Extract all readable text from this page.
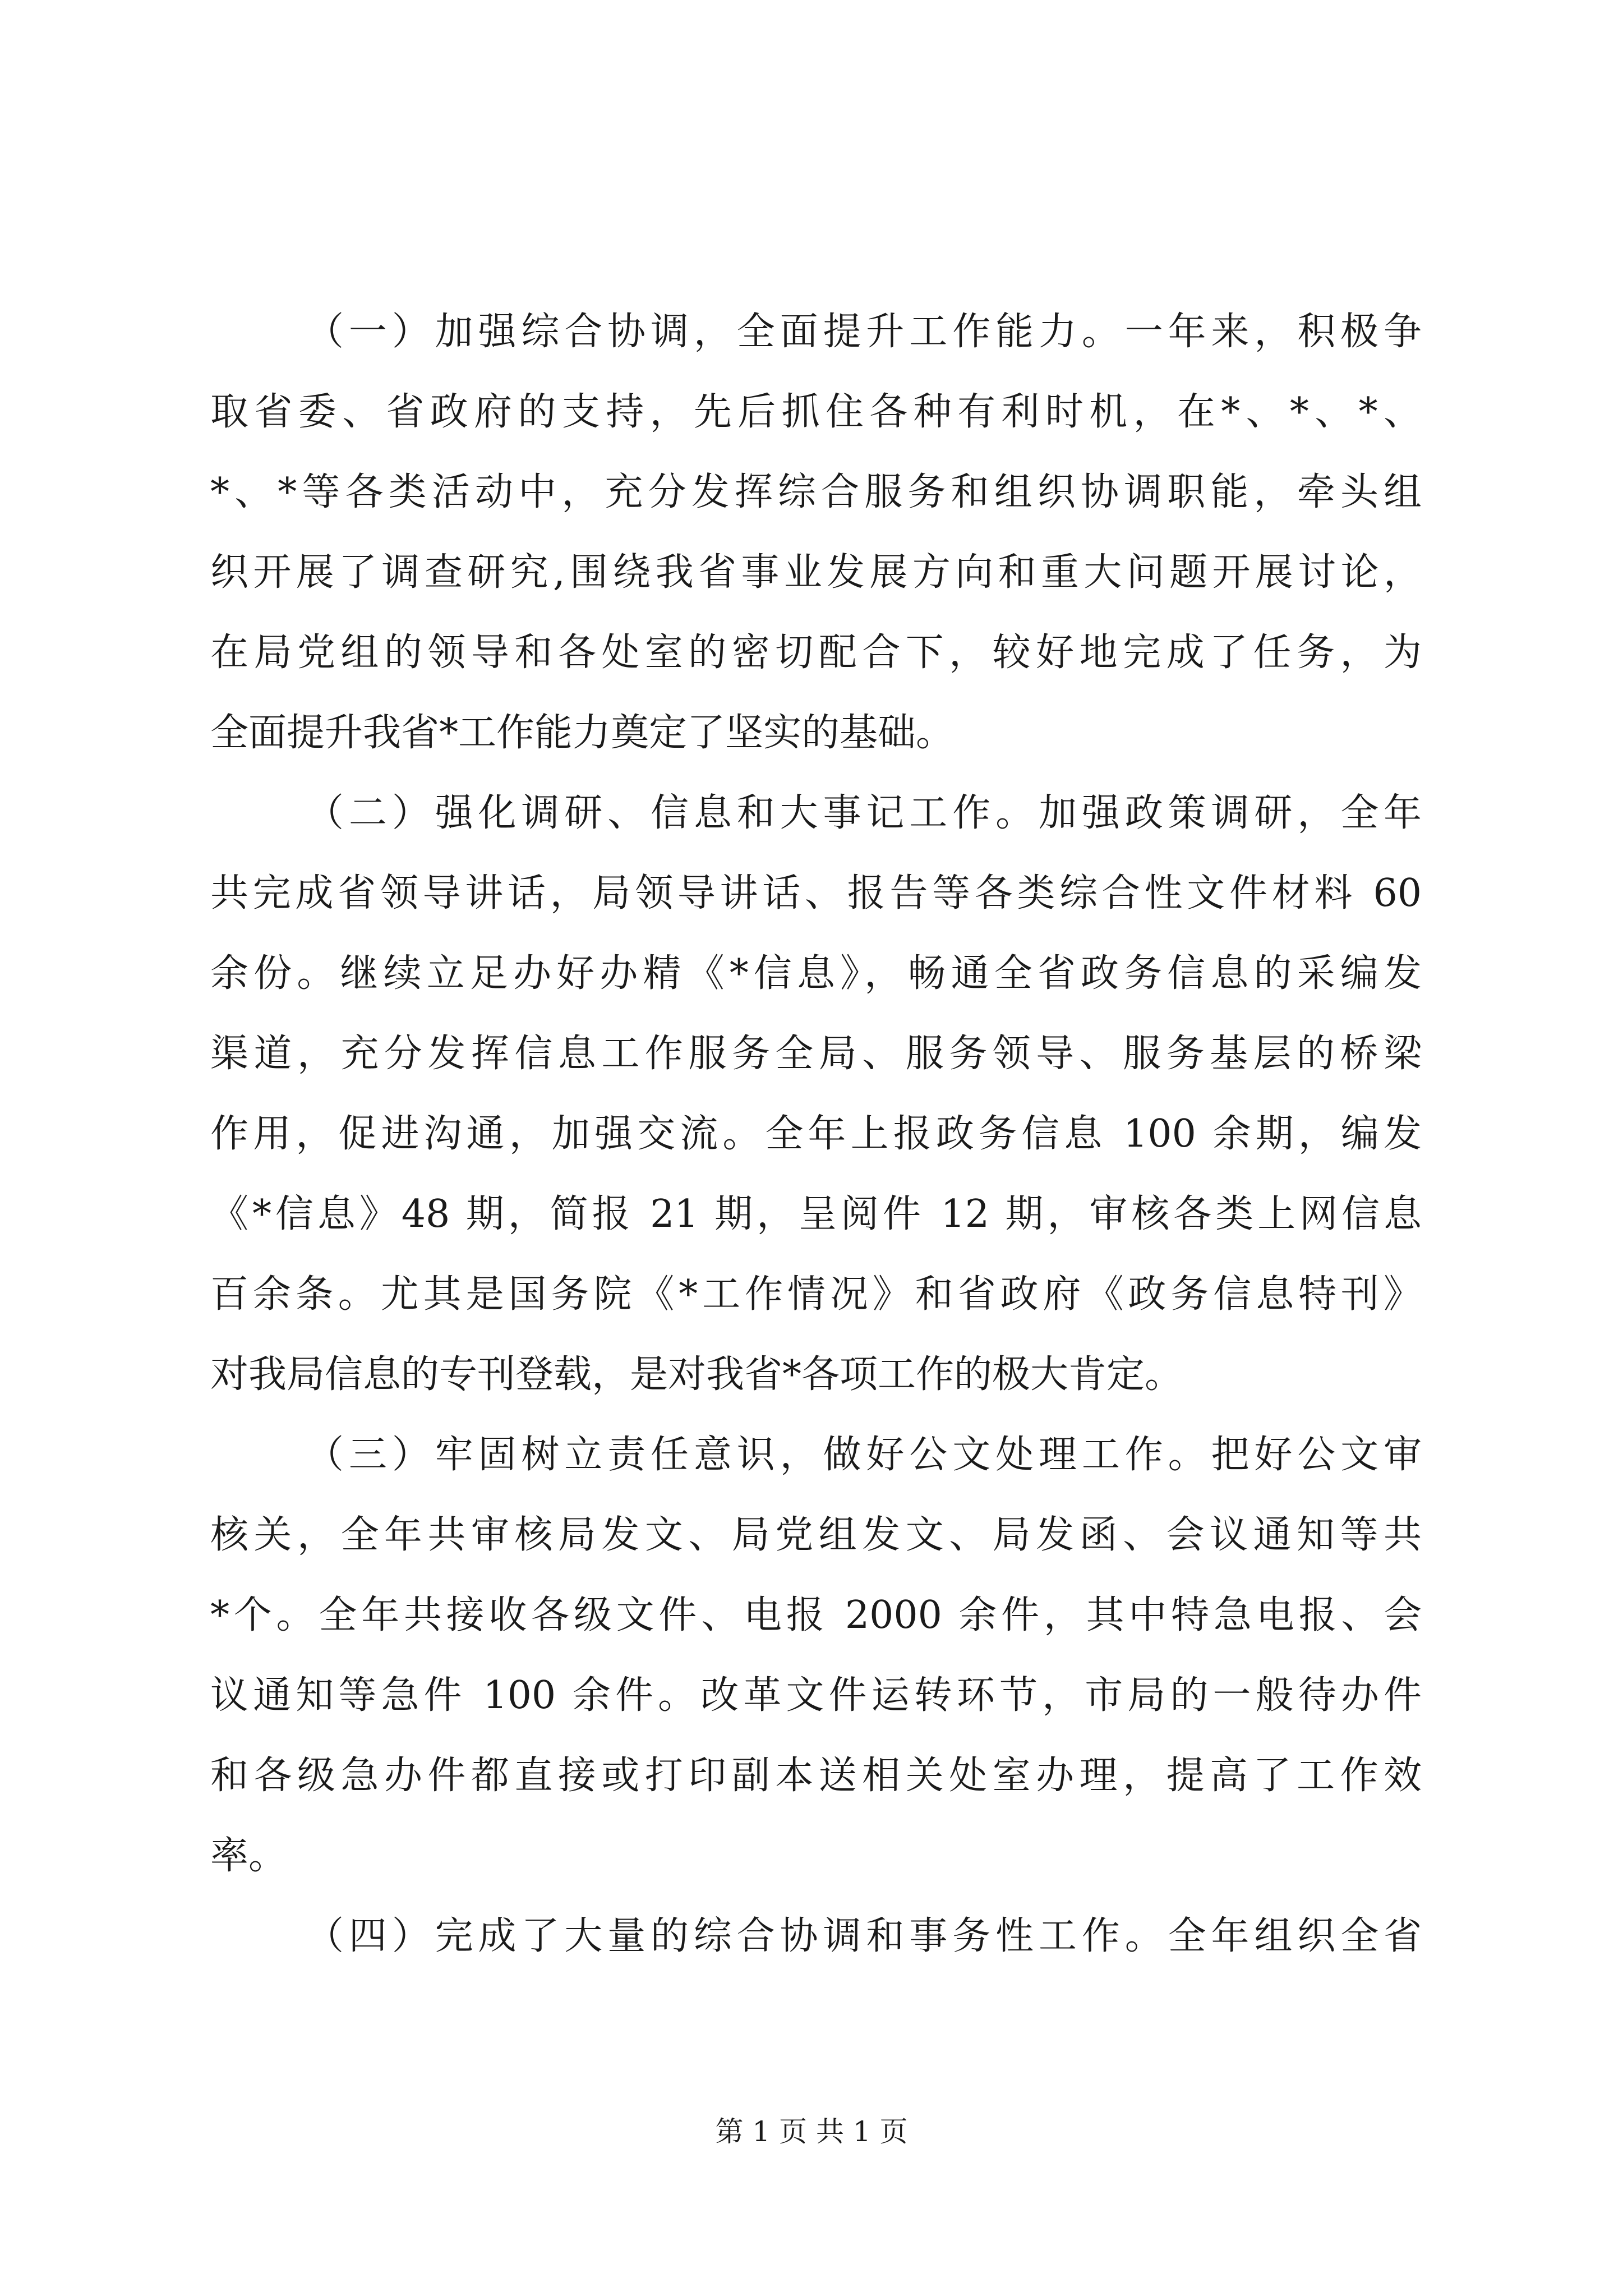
（一）加强综合协调，全面提升工作能力。一年来，积极争
取省委、省政府的支持，先后抓住各种有利时机，在*、*、*、
*、*等各类活动中，充分发挥综合服务和组织协调职能，牵头组
织开展了调查研究,围绕我省事业发展方向和重大问题开展讨论，
在局党组的领导和各处室的密切配合下，较好地完成了任务，为
全面提升我省*工作能力奠定了坚实的基础。
（二）强化调研、信息和大事记工作。加强政策调研，全年
共完成省领导讲话，局领导讲话、报告等各类综合性文件材料 60
余份。继续立足办好办精《*信息》，畅通全省政务信息的采编发
渠道，充分发挥信息工作服务全局、服务领导、服务基层的桥梁
作用，促进沟通，加强交流。全年上报政务信息 100 余期，编发
《*信息》48 期，简报 21 期，呈阅件 12 期，审核各类上网信息
百余条。尤其是国务院《*工作情况》和省政府《政务信息特刊》
对我局信息的专刊登载，是对我省*各项工作的极大肯定。
（三）牢固树立责任意识，做好公文处理工作。把好公文审
核关，全年共审核局发文、局党组发文、局发函、会议通知等共
*个。全年共接收各级文件、电报 2000 余件，其中特急电报、会
议通知等急件 100 余件。改革文件运转环节，市局的一般待办件
和各级急办件都直接或打印副本送相关处室办理，提高了工作效
率。
（四）完成了大量的综合协调和事务性工作。全年组织全省
第 1 页 共 1 页
